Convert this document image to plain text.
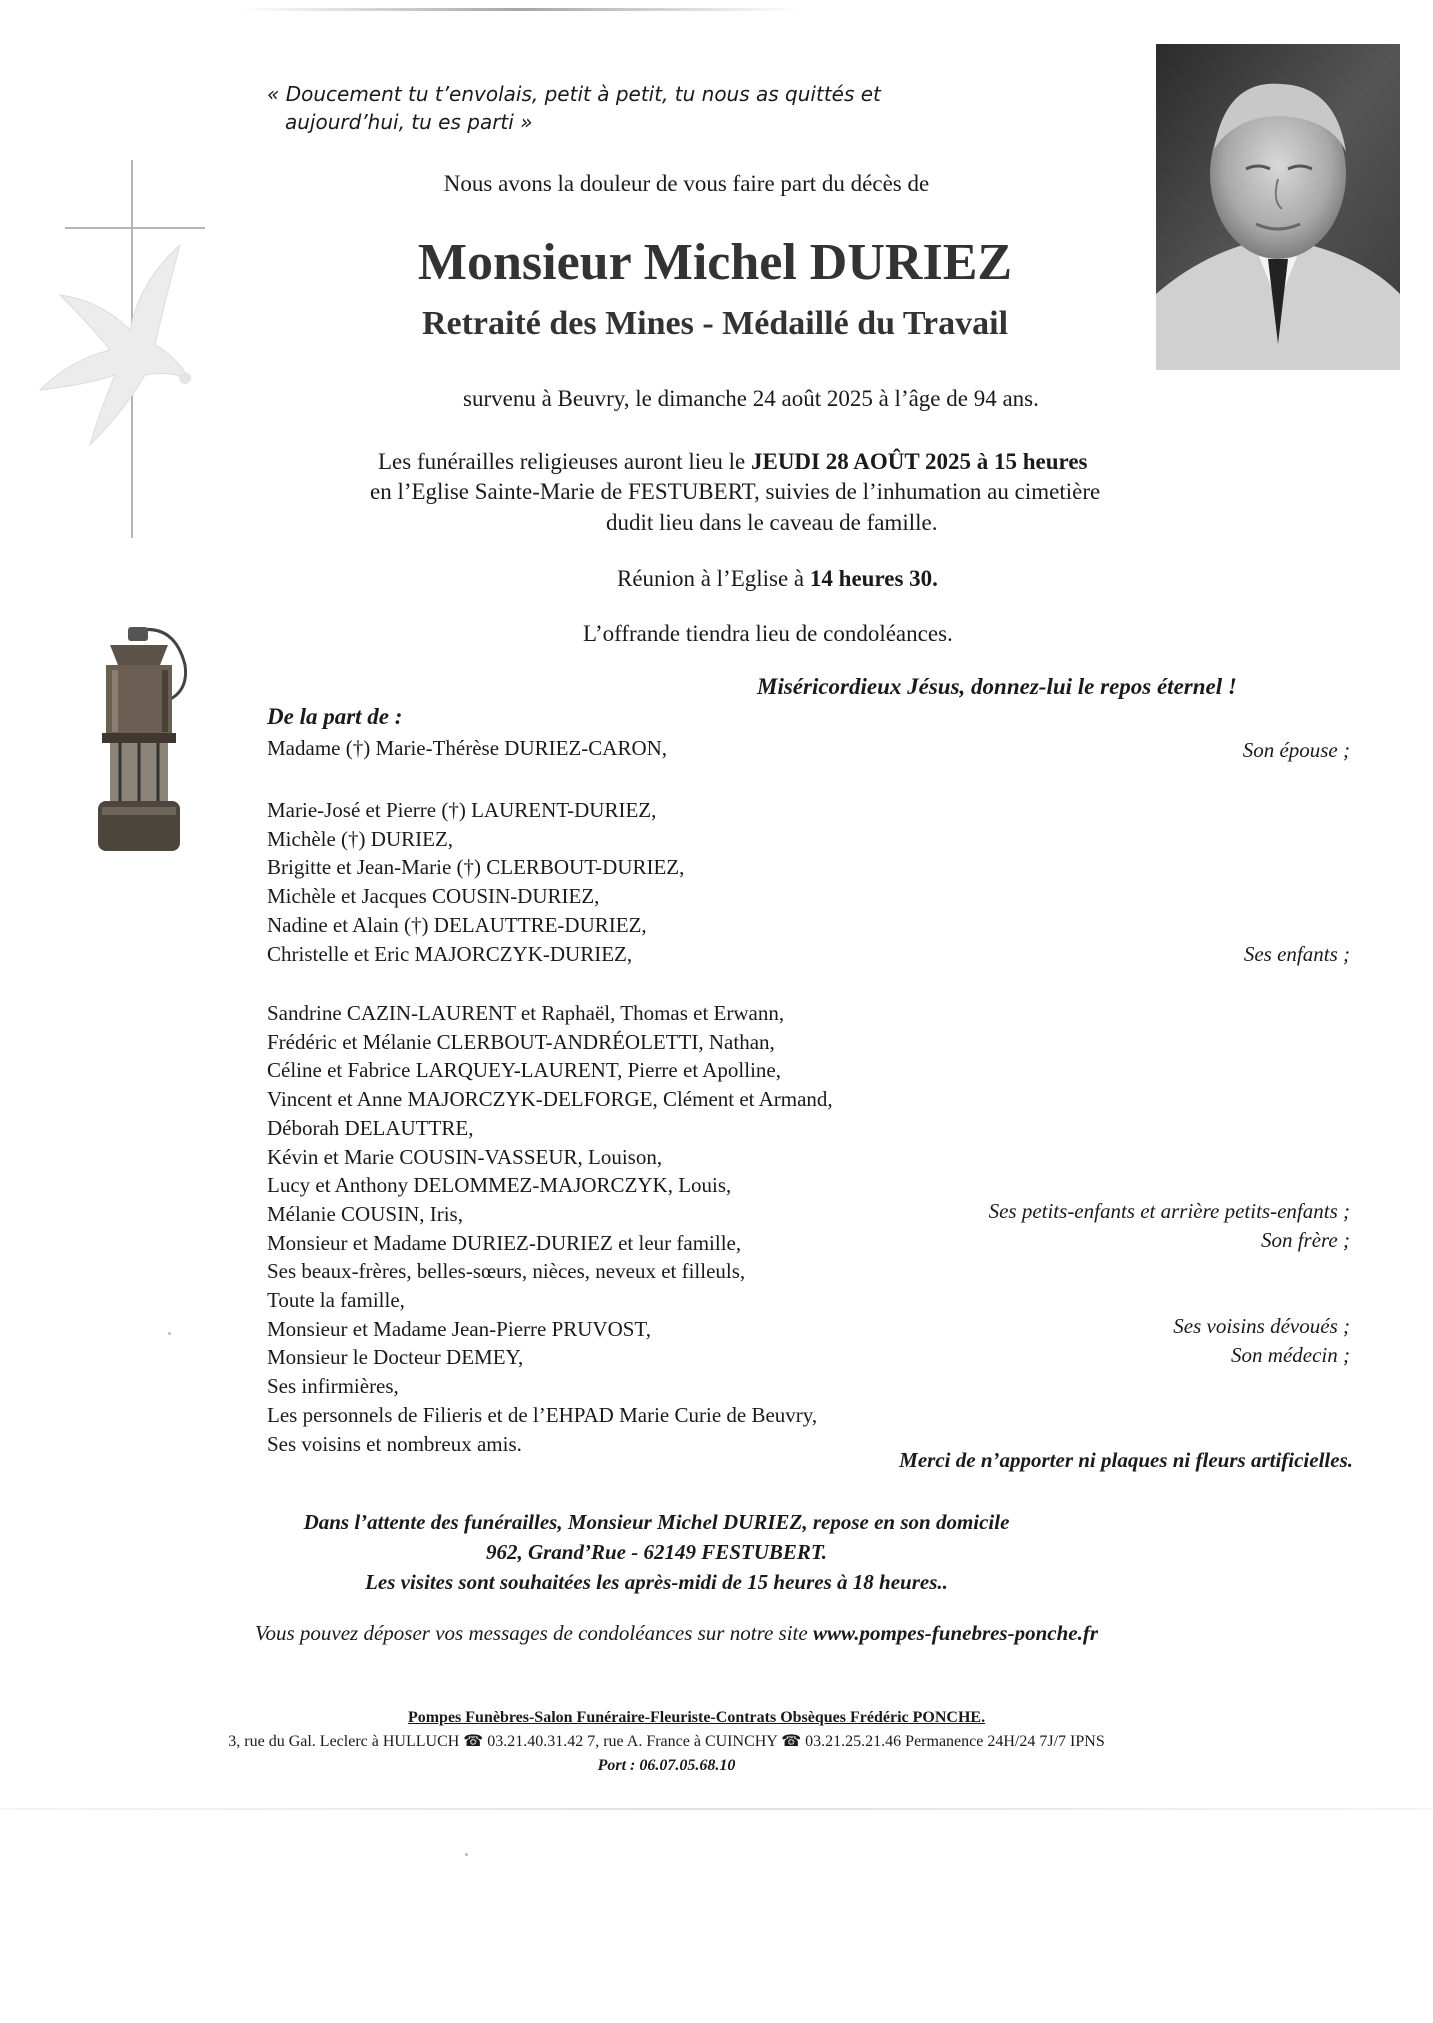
« Doucement tu t’envolais, petit à petit, tu nous as quittés et
aujourd’hui, tu es parti »
Nous avons la douleur de vous faire part du décès de
Monsieur Michel DURIEZ
Retraité des Mines - Médaillé du Travail
survenu à Beuvry, le dimanche 24 août 2025 à l’âge de 94 ans.
Les funérailles religieuses auront lieu le JEUDI 28 AOÛT 2025 à 15 heures
en l’Eglise Sainte-Marie de FESTUBERT, suivies de l’inhumation au cimetière
dudit lieu dans le caveau de famille.
Réunion à l’Eglise à 14 heures 30.
L’offrande tiendra lieu de condoléances.
Miséricordieux Jésus, donnez-lui le repos éternel !
De la part de :
Madame (†) Marie-Thérèse DURIEZ-CARON,	Son épouse ;
Marie-José et Pierre (†) LAURENT-DURIEZ,
Michèle (†) DURIEZ,
Brigitte et Jean-Marie (†) CLERBOUT-DURIEZ,
Michèle et Jacques COUSIN-DURIEZ,
Nadine et Alain (†) DELAUTTRE-DURIEZ,
Christelle et Eric MAJORCZYK-DURIEZ,	Ses enfants ;
Sandrine CAZIN-LAURENT et Raphaël, Thomas et Erwann,
Frédéric et Mélanie CLERBOUT-ANDRÉOLETTI, Nathan,
Céline et Fabrice LARQUEY-LAURENT, Pierre et Apolline,
Vincent et Anne MAJORCZYK-DELFORGE, Clément et Armand,
Déborah DELAUTTRE,
Kévin et Marie COUSIN-VASSEUR, Louison,
Lucy et Anthony DELOMMEZ-MAJORCZYK, Louis,
Mélanie COUSIN, Iris,
Monsieur et Madame DURIEZ-DURIEZ et leur famille,
Ses beaux-frères, belles-sœurs, nièces, neveux et filleuls,
Toute la famille,
Monsieur et Madame Jean-Pierre PRUVOST,
Monsieur le Docteur DEMEY,
Ses infirmières,
Les personnels de Filieris et de l’EHPAD Marie Curie de Beuvry,
Ses voisins et nombreux amis.
Ses petits-enfants et arrière petits-enfants ;
Son frère ;
Ses voisins dévoués ;
Son médecin ;
Merci de n’apporter ni plaques ni fleurs artificielles.
Dans l’attente des funérailles, Monsieur Michel DURIEZ, repose en son domicile
962, Grand’Rue - 62149 FESTUBERT.
Les visites sont souhaitées les après-midi de 15 heures à 18 heures..
Vous pouvez déposer vos messages de condoléances sur notre site www.pompes-funebres-ponche.fr
Pompes Funèbres-Salon Funéraire-Fleuriste-Contrats Obsèques Frédéric PONCHE.
3, rue du Gal. Leclerc à HULLUCH ☎ 03.21.40.31.42 7, rue A. France à CUINCHY ☎ 03.21.25.21.46 Permanence 24H/24 7J/7 IPNS
Port : 06.07.05.68.10
